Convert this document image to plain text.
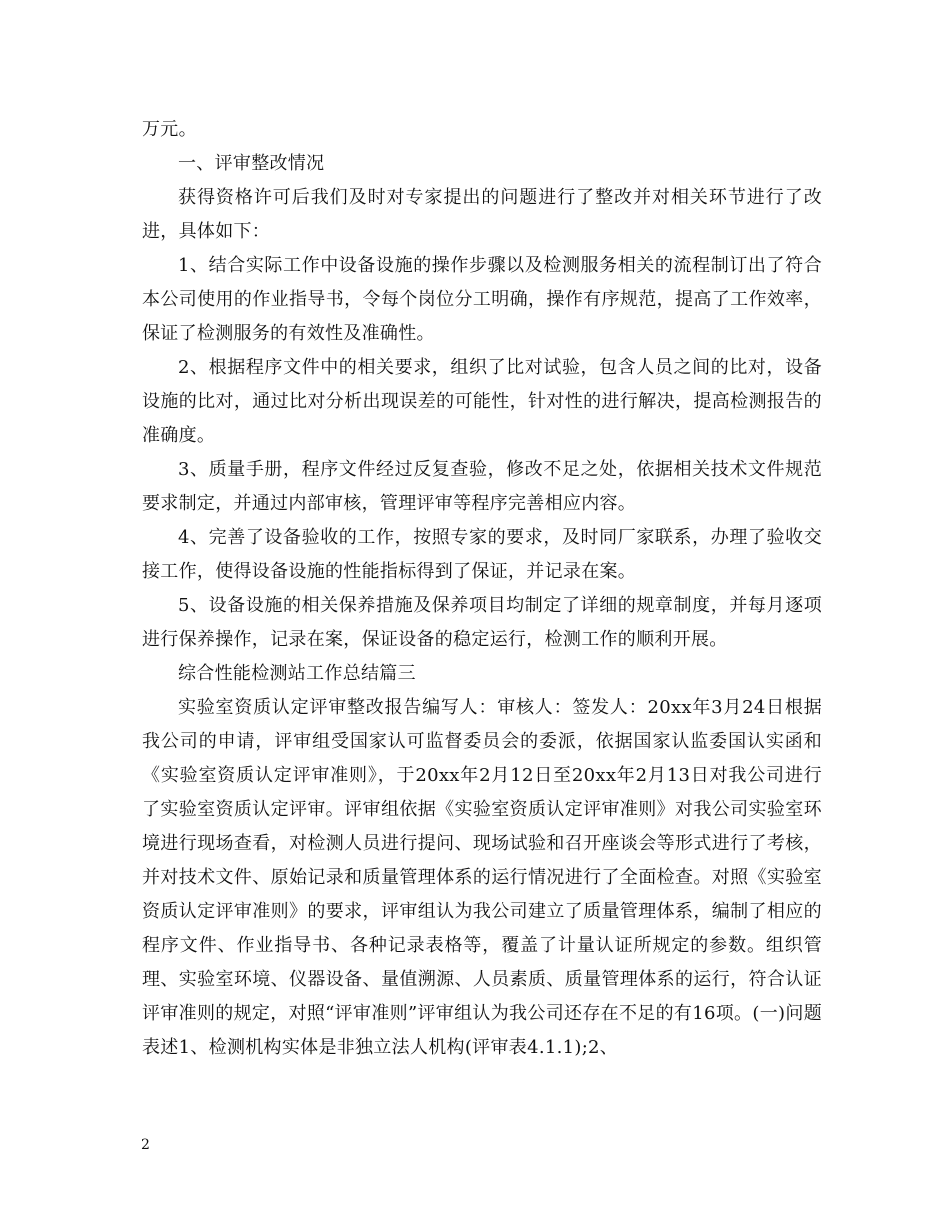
万元。

一、评审整改情况

获得资格许可后我们及时对专家提出的问题进行了整改并对相关环节进行了改进，具体如下：

1、结合实际工作中设备设施的操作步骤以及检测服务相关的流程制订出了符合本公司使用的作业指导书，令每个岗位分工明确，操作有序规范，提高了工作效率，保证了检测服务的有效性及准确性。

2、根据程序文件中的相关要求，组织了比对试验，包含人员之间的比对，设备设施的比对，通过比对分析出现误差的可能性，针对性的进行解决，提高检测报告的准确度。

3、质量手册，程序文件经过反复查验，修改不足之处，依据相关技术文件规范要求制定，并通过内部审核，管理评审等程序完善相应内容。

4、完善了设备验收的工作，按照专家的要求，及时同厂家联系，办理了验收交接工作，使得设备设施的性能指标得到了保证，并记录在案。

5、设备设施的相关保养措施及保养项目均制定了详细的规章制度，并每月逐项进行保养操作，记录在案，保证设备的稳定运行，检测工作的顺利开展。

综合性能检测站工作总结篇三

实验室资质认定评审整改报告编写人：审核人：签发人：20xx年3月24日根据我公司的申请，评审组受国家认可监督委员会的委派，依据国家认监委国认实函和《实验室资质认定评审准则》，于20xx年2月12日至20xx年2月13日对我公司进行了实验室资质认定评审。评审组依据《实验室资质认定评审准则》对我公司实验室环境进行现场查看，对检测人员进行提问、现场试验和召开座谈会等形式进行了考核，并对技术文件、原始记录和质量管理体系的运行情况进行了全面检查。对照《实验室资质认定评审准则》的要求，评审组认为我公司建立了质量管理体系，编制了相应的程序文件、作业指导书、各种记录表格等，覆盖了计量认证所规定的参数。组织管理、实验室环境、仪器设备、量值溯源、人员素质、质量管理体系的运行，符合认证评审准则的规定，对照“评审准则”评审组认为我公司还存在不足的有16项。(一)问题表述1、检测机构实体是非独立法人机构(评审表4.1.1);2、

2
